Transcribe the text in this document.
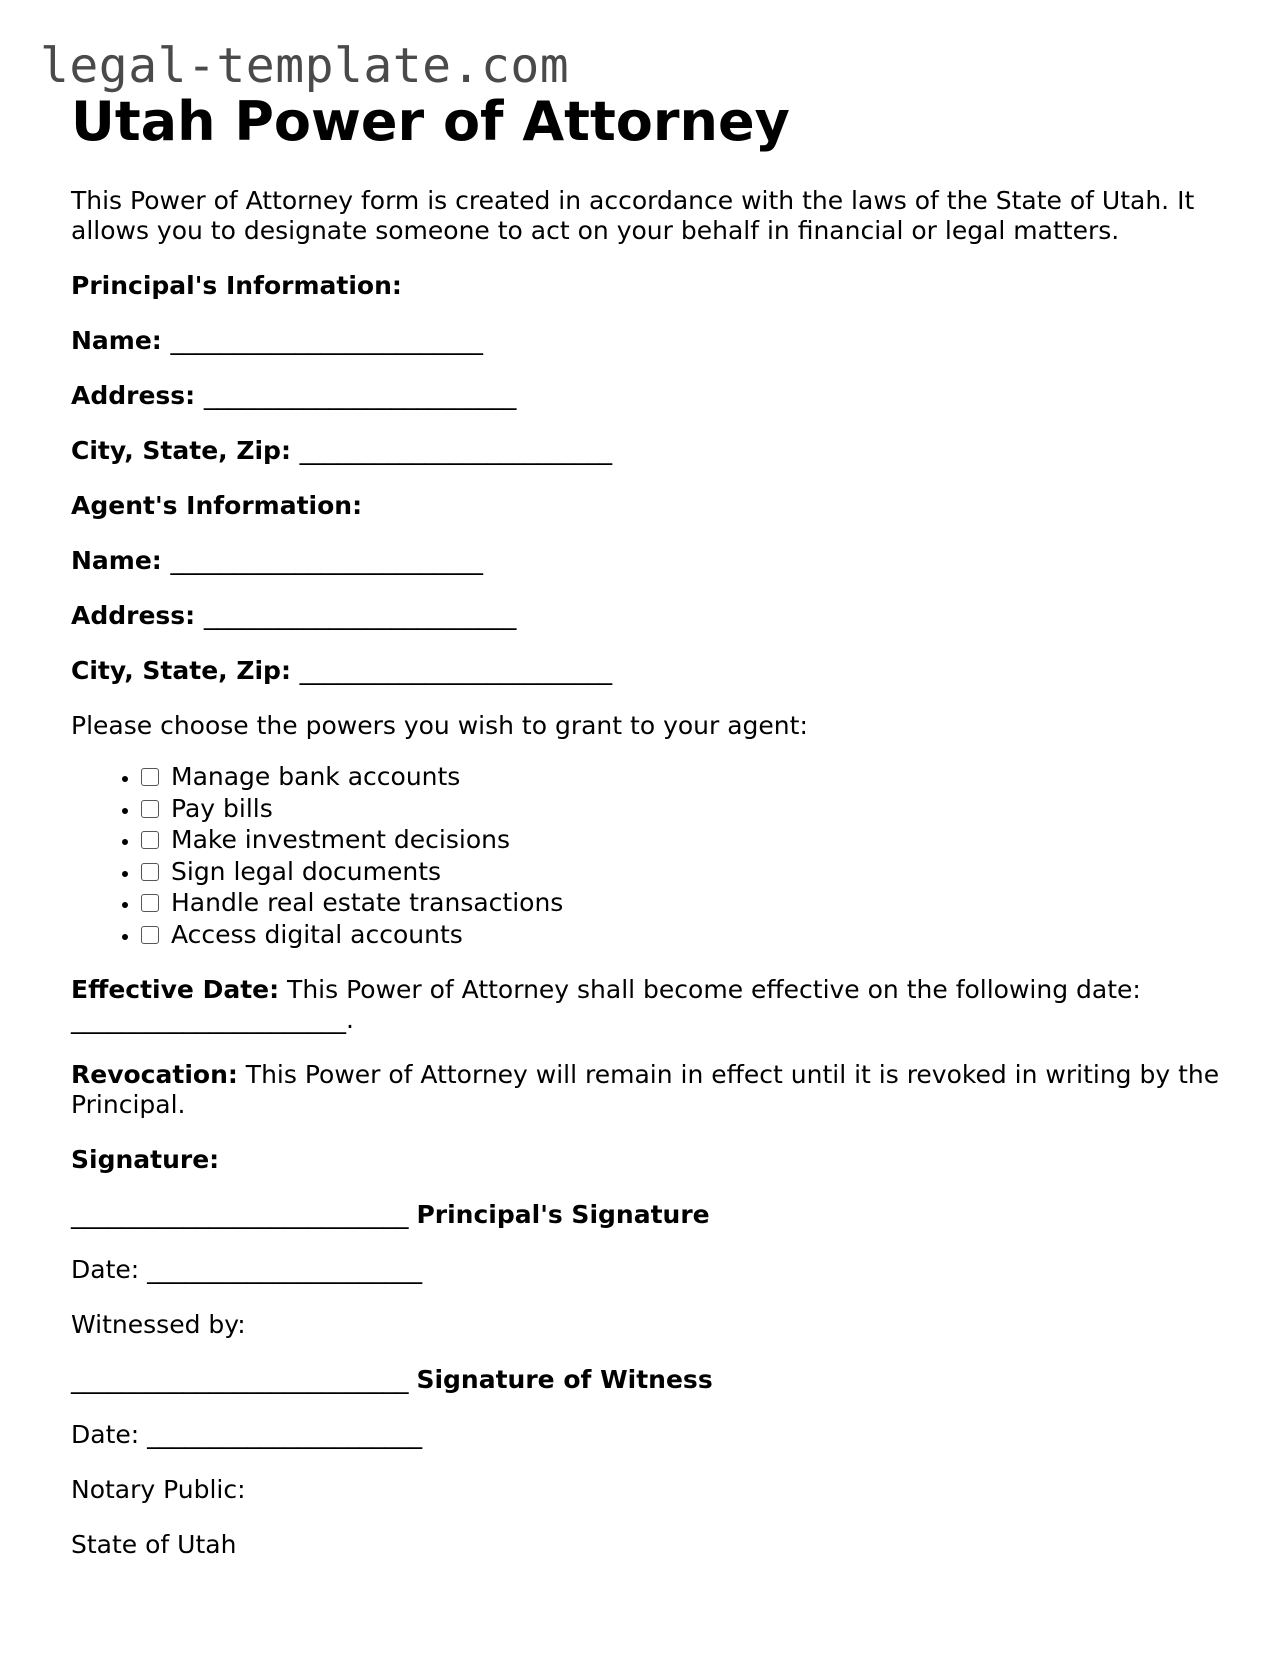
legal-template.com
Utah Power of Attorney

This Power of Attorney form is created in accordance with the laws of the State of Utah. It allows you to designate someone to act on your behalf in financial or legal matters.

Principal's Information:

Name: _________________________

Address: _________________________

City, State, Zip: _________________________

Agent's Information:

Name: _________________________

Address: _________________________

City, State, Zip: _________________________

Please choose the powers you wish to grant to your agent:

• Manage bank accounts
• Pay bills
• Make investment decisions
• Sign legal documents
• Handle real estate transactions
• Access digital accounts

Effective Date: This Power of Attorney shall become effective on the following date:
______________________.

Revocation: This Power of Attorney will remain in effect until it is revoked in writing by the Principal.

Signature:

___________________________ Principal's Signature

Date: ______________________

Witnessed by:

___________________________ Signature of Witness

Date: ______________________

Notary Public:

State of Utah
